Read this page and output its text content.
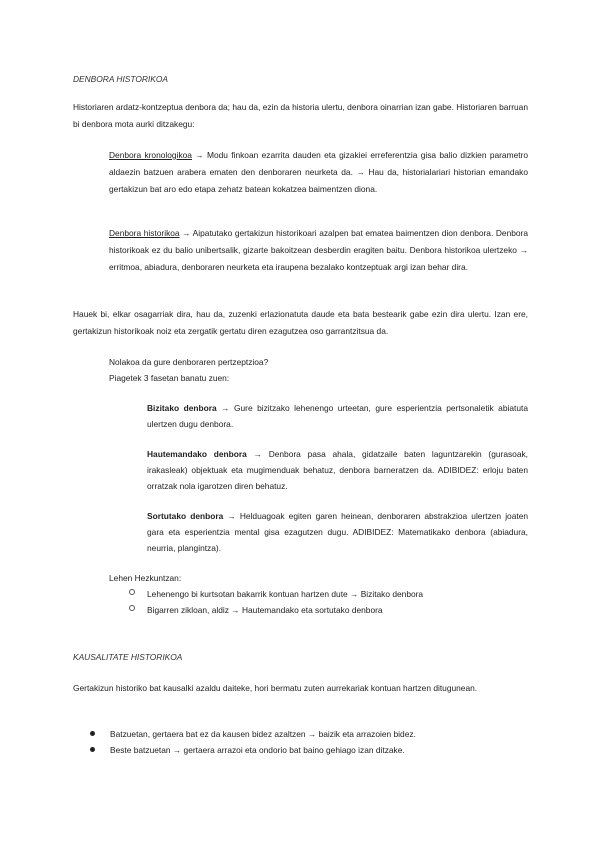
DENBORA HISTORIKOA
Historiaren ardatz-kontzeptua denbora da; hau da, ezin da historia ulertu, denbora oinarrian izan gabe. Historiaren barruan bi denbora mota aurki ditzakegu:
Denbora kronologikoa → Modu finkoan ezarrita dauden eta gizakiei erreferentzia gisa balio dizkien parametro aldaezin batzuen arabera ematen den denboraren neurketa da. → Hau da, historialariari historian emandako gertakizun bat aro edo etapa zehatz batean kokatzea baimentzen diona.
Denbora historikoa → Aipatutako gertakizun historikoari azalpen bat ematea baimentzen dion denbora. Denbora historikoak ez du balio unibertsalik, gizarte bakoitzean desberdin eragiten baitu. Denbora historikoa ulertzeko → erritmoa, abiadura, denboraren neurketa eta iraupena bezalako kontzeptuak argi izan behar dira.
Hauek bi, elkar osagarriak dira, hau da, zuzenki erlazionatuta daude eta bata bestearik gabe ezin dira ulertu. Izan ere, gertakizun historikoak noiz eta zergatik gertatu diren ezagutzea oso garrantzitsua da.
Nolakoa da gure denboraren pertzeptzioa?
Piagetek 3 fasetan banatu zuen:
Bizitako denbora → Gure bizitzako lehenengo urteetan, gure esperientzia pertsonaletik abiatuta ulertzen dugu denbora.
Hautemandako denbora → Denbora pasa ahala, gidatzaile baten laguntzarekin (gurasoak, irakasleak) objektuak eta mugimenduak behatuz, denbora barneratzen da. ADIBIDEZ: erloju baten orratzak nola igarotzen diren behatuz.
Sortutako denbora → Helduagoak egiten garen heinean, denboraren abstrakzioa ulertzen joaten gara eta esperientzia mental gisa ezagutzen dugu. ADIBIDEZ: Matematikako denbora (abiadura, neurria, plangintza).
Lehen Hezkuntzan:
Lehenengo bi kurtsotan bakarrik kontuan hartzen dute → Bizitako denbora
Bigarren zikloan, aldiz → Hautemandako eta sortutako denbora
KAUSALITATE HISTORIKOA
Gertakizun historiko bat kausalki azaldu daiteke, hori bermatu zuten aurrekariak kontuan hartzen ditugunean.
Batzuetan, gertaera bat ez da kausen bidez azaltzen → baizik eta arrazoien bidez.
Beste batzuetan → gertaera arrazoi eta ondorio bat baino gehiago izan ditzake.
